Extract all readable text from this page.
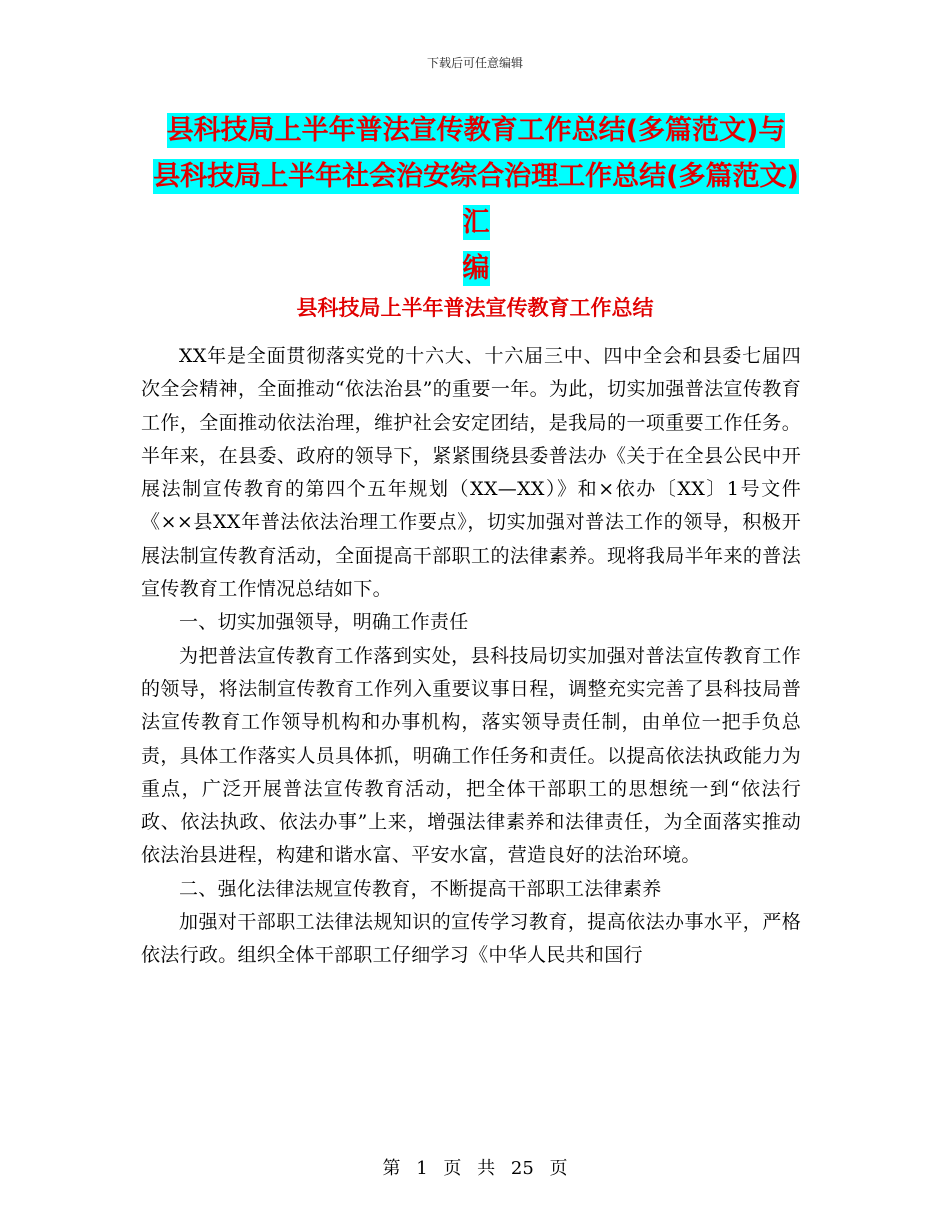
下载后可任意编辑
县科技局上半年普法宣传教育工作总结(多篇范文)与
县科技局上半年社会治安综合治理工作总结(多篇范文)汇
编
县科技局上半年普法宣传教育工作总结

XX年是全面贯彻落实党的十六大、十六届三中、四中全会和县委七届四次全会精神，全面推动“依法治县”的重要一年。为此，切实加强普法宣传教育工作，全面推动依法治理，维护社会安定团结，是我局的一项重要工作任务。半年来，在县委、政府的领导下，紧紧围绕县委普法办《关于在全县公民中开展法制宣传教育的第四个五年规划（XX—XX）》和×依办〔XX〕1号文件《××县XX年普法依法治理工作要点》，切实加强对普法工作的领导，积极开展法制宣传教育活动，全面提高干部职工的法律素养。现将我局半年来的普法宣传教育工作情况总结如下。

一、切实加强领导，明确工作责任

为把普法宣传教育工作落到实处，县科技局切实加强对普法宣传教育工作的领导，将法制宣传教育工作列入重要议事日程，调整充实完善了县科技局普法宣传教育工作领导机构和办事机构，落实领导责任制，由单位一把手负总责，具体工作落实人员具体抓，明确工作任务和责任。以提高依法执政能力为重点，广泛开展普法宣传教育活动，把全体干部职工的思想统一到“依法行政、依法执政、依法办事”上来，增强法律素养和法律责任，为全面落实推动依法治县进程，构建和谐水富、平安水富，营造良好的法治环境。

二、强化法律法规宣传教育，不断提高干部职工法律素养

加强对干部职工法律法规知识的宣传学习教育，提高依法办事水平，严格依法行政。组织全体干部职工仔细学习《中华人民共和国行

第 1 页 共 25 页
